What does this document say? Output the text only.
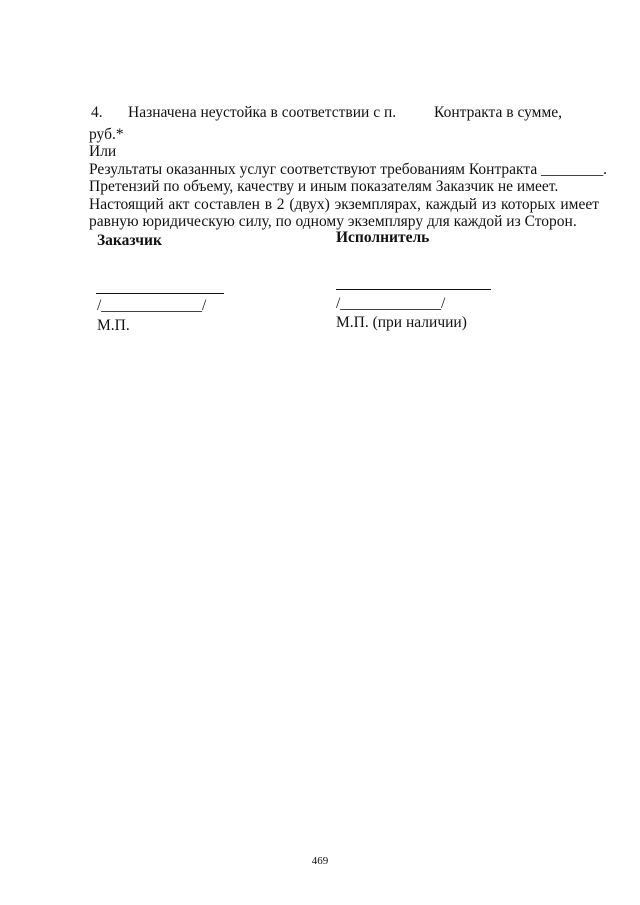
4. Назначена неустойка в соответствии с п. Контракта в сумме,
руб.*
Или
Результаты оказанных услуг соответствуют требованиям Контракта ________.
Претензий по объему, качеству и иным показателям Заказчик не имеет.
Настоящий акт составлен в 2 (двух) экземплярах, каждый из которых имеет
равную юридическую силу, по одному экземпляру для каждой из Сторон.
Заказчик	Исполнитель
/_____________/
М.П.
/_____________/
М.П. (при наличии)
469
